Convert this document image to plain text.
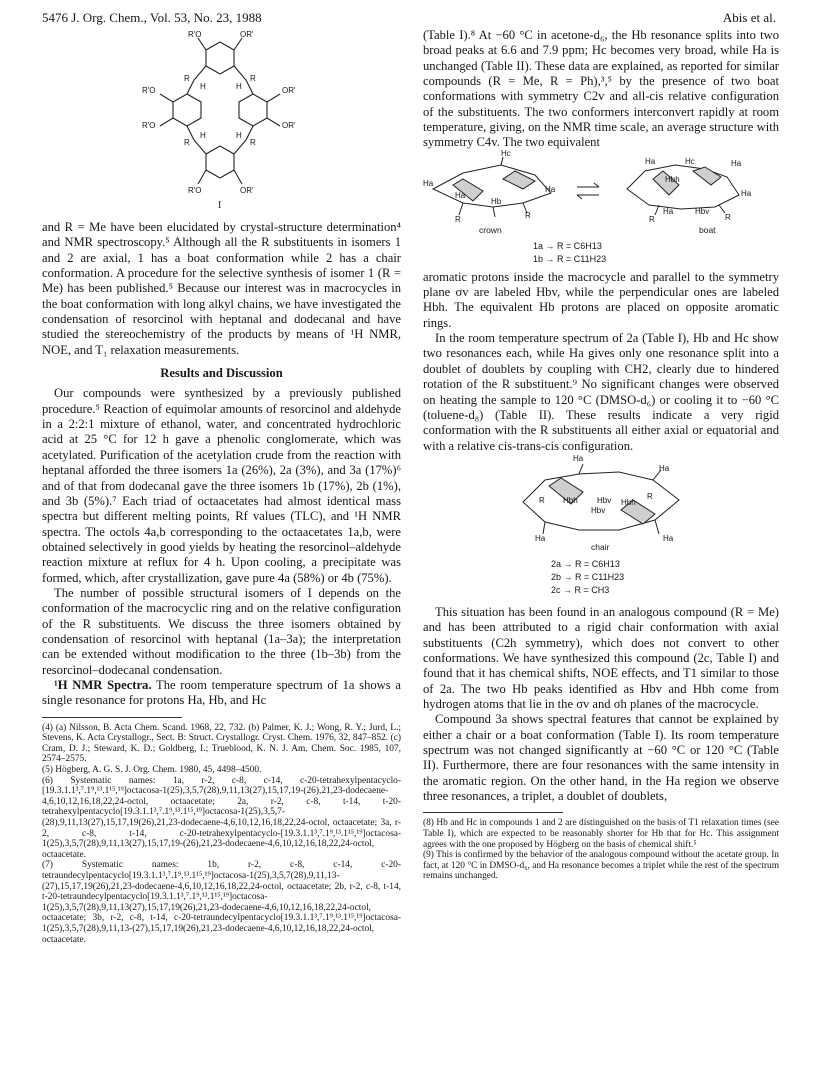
5476 J. Org. Chem., Vol. 53, No. 23, 1988	Abis et al.
R'O	OR'
R'O	OR'
R'O	OR'
R'O	OR'
R	R
R	R
H	H
H	H
I

and R = Me have been elucidated by crystal-structure determination⁴ and NMR spectroscopy.⁵ Although all the R substituents in isomers 1 and 2 are axial, 1 has a boat conformation while 2 has a chair conformation. A procedure for the selective synthesis of isomer 1 (R = Me) has been published.⁵ Because our interest was in macrocycles in the boat conformation with long alkyl chains, we have investigated the condensation of resorcinol with heptanal and dodecanal and have studied the stereochemistry of the products by means of ¹H NMR, NOE, and T₁ relaxation measurements.

Results and Discussion

Our compounds were synthesized by a previously published procedure.⁵ Reaction of equimolar amounts of resorcinol and aldehyde in a 2:2:1 mixture of ethanol, water, and concentrated hydrochloric acid at 25 °C for 12 h gave a phenolic conglomerate, which was acetylated. Purification of the acetylation crude from the reaction with heptanal afforded the three isomers 1a (26%), 2a (3%), and 3a (17%)⁶ and of that from dodecanal gave the three isomers 1b (17%), 2b (1%), and 3b (5%).⁷ Each triad of octaacetates had almost identical mass spectra but different melting points, Rf values (TLC), and ¹H NMR spectra. The octols 4a,b corresponding to the octaacetates 1a,b, were obtained selectively in good yields by heating the resorcinol–aldehyde reaction mixture at reflux for 4 h. Upon cooling, a precipitate was formed, which, after crystallization, gave pure 4a (58%) or 4b (75%).

The number of possible structural isomers of I depends on the conformation of the macrocyclic ring and on the relative configuration of the R substituents. We discuss the three isomers obtained by condensation of resorcinol with heptanal (1a–3a); the interpretation can be extended without modification to the three (1b–3b) from the resorcinol–dodecanal condensation.

¹H NMR Spectra. The room temperature spectrum of 1a shows a single resonance for protons Ha, Hb, and Hc

(4) (a) Nilsson, B. Acta Chem. Scand. 1968, 22, 732. (b) Palmer, K. J.; Wong, R. Y.; Jurd, L.; Stevens, K. Acta Crystallogr., Sect. B: Struct. Crystallogr. Cryst. Chem. 1976, 32, 847–852. (c) Cram, D. J.; Steward, K. D.; Goldberg, I.; Trueblood, K. N. J. Am. Chem. Soc. 1985, 107, 2574–2575.

(5) Högberg, A. G. S. J. Org. Chem. 1980, 45, 4498–4500.

(6) Systematic names: 1a, r-2, c-8, c-14, c-20-tetrahexylpentacyclo-[19.3.1.1³,⁷.1⁹,¹³.1¹⁵,¹⁹]octacosa-1(25),3,5,7(28),9,11,13(27),15,17,19-(26),21,23-dodecaene-4,6,10,12,16,18,22,24-octol, octaacetate; 2a, r-2, c-8, t-14, t-20-tetrahexylpentacyclo[19.3.1.1³,⁷.1⁹,¹³.1¹⁵,¹⁹]octacosa-1(25),3,5,7-(28),9,11,13(27),15,17,19(26),21,23-dodecaene-4,6,10,12,16,18,22,24-octol, octaacetate; 3a, r-2, c-8, t-14, c-20-tetrahexylpentacyclo-[19.3.1.1³,⁷.1⁹,¹³.1¹⁵,¹⁹]octacosa-1(25),3,5,7(28),9,11,13(27),15,17,19-(26),21,23-dodecaene-4,6,10,12,16,18,22,24-octol, octaacetate.

(7) Systematic names: 1b, r-2, c-8, c-14, c-20-tetraundecylpentacyclo[19.3.1.1³,⁷.1⁹,¹³.1¹⁵,¹⁹]octacosa-1(25),3,5,7(28),9,11,13-(27),15,17,19(26),21,23-dodecaene-4,6,10,12,16,18,22,24-octol, octaacetate; 2b, r-2, c-8, t-14, t-20-tetraundecylpentacyclo[19.3.1.1³,⁷.1⁹,¹³.1¹⁵,¹⁹]octacosa-1(25),3,5,7(28),9,11,13(27),15,17,19(26),21,23-dodecaene-4,6,10,12,16,18,22,24-octol, octaacetate; 3b, r-2, c-8, t-14, c-20-tetraundecylpentacyclo[19.3.1.1³,⁷.1⁹,¹³.1¹⁵,¹⁹]octacosa-1(25),3,5,7(28),9,11,13-(27),15,17,19(26),21,23-dodecaene-4,6,10,12,16,18,22,24-octol, octaacetate.

(Table I).⁸ At −60 °C in acetone-d₆, the Hb resonance splits into two broad peaks at 6.6 and 7.9 ppm; Hc becomes very broad, while Ha is unchanged (Table II). These data are explained, as reported for similar compounds (R = Me, R = Ph),³,⁵ by the presence of two boat conformations with symmetry C2v and all-cis relative configuration of the substituents. The two conformers interconvert rapidly at room temperature, giving, on the NMR time scale, an average structure with symmetry C4v. The two equivalent

Hc
Ha
Ha
Ha
Hb
R	R
Ha	Hc	Ha
Hbh
Ha
Ha	Hbv
R	R
crown	boat
1a → R = C6H13
1b → R = C11H23

aromatic protons inside the macrocycle and parallel to the symmetry plane σv are labeled Hbv, while the perpendicular ones are labeled Hbh. The equivalent Hb protons are placed on opposite aromatic rings.

In the room temperature spectrum of 2a (Table I), Hb and Hc show two resonances each, while Ha gives only one resonance split into a doublet of doublets by coupling with CH2, clearly due to hindered rotation of the R substituent.⁹ No significant changes were observed on heating the sample to 120 °C (DMSO-d₆) or cooling it to −60 °C (toluene-d₈) (Table II). These results indicate a very rigid conformation with the R substituents all either axial or equatorial and with a relative cis-trans-cis configuration.

Ha
Ha
R Hbh Hbv
Hbv
Hbh
R
Ha	Ha
chair
2a → R = C6H13
2b → R = C11H23
2c → R = CH3

This situation has been found in an analogous compound (R = Me) and has been attributed to a rigid chair conformation with axial substituents (C2h symmetry), which does not convert to other conformations. We have synthesized this compound (2c, Table I) and found that it has chemical shifts, NOE effects, and T1 similar to those of 2a. The two Hb peaks identified as Hbv and Hbh come from hydrogen atoms that lie in the σv and σh planes of the macrocycle.

Compound 3a shows spectral features that cannot be explained by either a chair or a boat conformation (Table I). Its room temperature spectrum was not changed significantly at −60 °C or 120 °C (Table II). Furthermore, there are four resonances with the same intensity in the aromatic region. On the other hand, in the Ha region we observe three resonances, a triplet, a doublet of doublets,

(8) Hb and Hc in compounds 1 and 2 are distinguished on the basis of T1 relaxation times (see Table I), which are expected to be reasonably shorter for Hb that for Hc. This assignment agrees with the one proposed by Högberg on the basis of chemical shift.⁵

(9) This is confirmed by the behavior of the analogous compound without the acetate group. In fact, at 120 °C in DMSO-d₆, and Ha resonance becomes a triplet while the rest of the spectrum remains unchanged.
